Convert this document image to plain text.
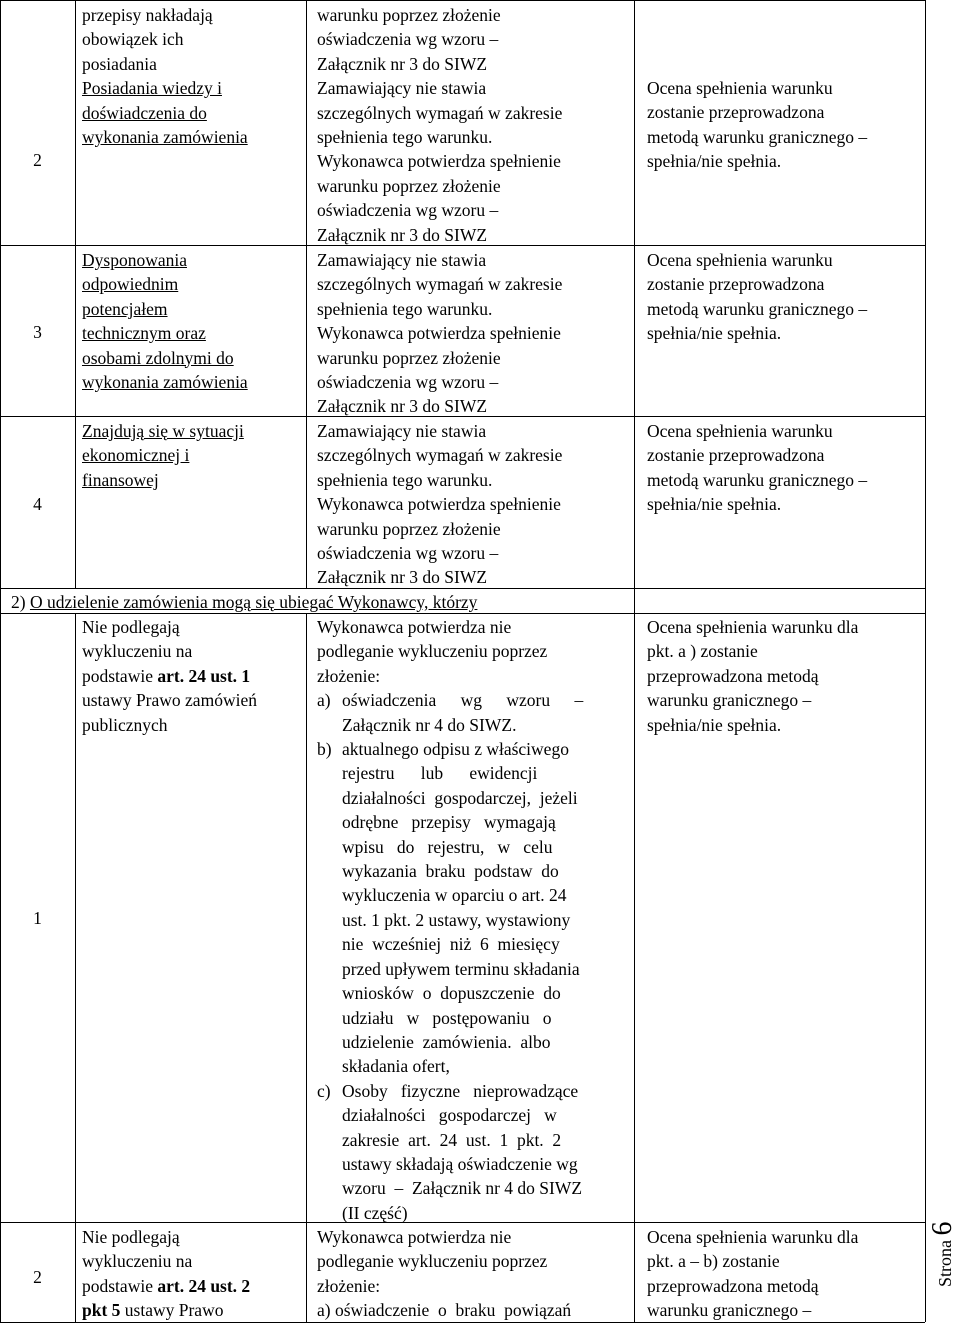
2
przepisy nakładają
obowiązek ich
posiadania
Posiadania wiedzy i
doświadczenia do
wykonania zamówienia
warunku poprzez złożenie
oświadczenia wg wzoru –
Załącznik nr 3 do SIWZ
Zamawiający nie stawia
szczególnych wymagań w zakresie
spełnienia tego warunku.
Wykonawca potwierdza spełnienie
warunku poprzez złożenie
oświadczenia wg wzoru –
Załącznik nr 3 do SIWZ
Ocena spełnienia warunku
zostanie przeprowadzona
metodą warunku granicznego –
spełnia/nie spełnia.
3
Dysponowania
odpowiednim
potencjałem
technicznym oraz
osobami zdolnymi do
wykonania zamówienia
Zamawiający nie stawia
szczególnych wymagań w zakresie
spełnienia tego warunku.
Wykonawca potwierdza spełnienie
warunku poprzez złożenie
oświadczenia wg wzoru –
Załącznik nr 3 do SIWZ
Ocena spełnienia warunku
zostanie przeprowadzona
metodą warunku granicznego –
spełnia/nie spełnia.
4
Znajdują się w sytuacji
ekonomicznej i
finansowej
Zamawiający nie stawia
szczególnych wymagań w zakresie
spełnienia tego warunku.
Wykonawca potwierdza spełnienie
warunku poprzez złożenie
oświadczenia wg wzoru –
Załącznik nr 3 do SIWZ
Ocena spełnienia warunku
zostanie przeprowadzona
metodą warunku granicznego –
spełnia/nie spełnia.
2) O udzielenie zamówienia mogą się ubiegać Wykonawcy, którzy
1
Nie podlegają
wykluczeniu na
podstawie art. 24 ust. 1
ustawy Prawo zamówień
publicznych
Wykonawca potwierdza nie
podleganie wykluczeniu poprzez
złożenie:
a) oświadczenia wg wzoru –
Załącznik nr 4 do SIWZ.
b) aktualnego odpisu z właściwego
rejestru      lub      ewidencji
działalności  gospodarczej,  jeżeli
odrębne   przepisy   wymagają
wpisu   do   rejestru,   w   celu
wykazania  braku  podstaw  do
wykluczenia w oparciu o art. 24
ust. 1 pkt. 2 ustawy, wystawiony
nie  wcześniej  niż  6  miesięcy
przed upływem terminu składania
wniosków  o  dopuszczenie  do
udziału   w   postępowaniu   o
udzielenie  zamówienia.  albo
składania ofert,
c) Osoby   fizyczne   nieprowadzące
działalności   gospodarczej   w
zakresie  art.  24  ust.  1  pkt.  2
ustawy składają oświadczenie wg
wzoru  –  Załącznik nr 4 do SIWZ
(II część)
Ocena spełnienia warunku dla
pkt. a ) zostanie
przeprowadzona metodą
warunku granicznego –
spełnia/nie spełnia.
2
Nie podlegają
wykluczeniu na
podstawie art. 24 ust. 2
pkt 5 ustawy Prawo
Wykonawca potwierdza nie
podleganie wykluczeniu poprzez
złożenie:
a) oświadczenie  o  braku  powiązań
Ocena spełnienia warunku dla
pkt. a – b) zostanie
przeprowadzona metodą
warunku granicznego –
Strona 6
